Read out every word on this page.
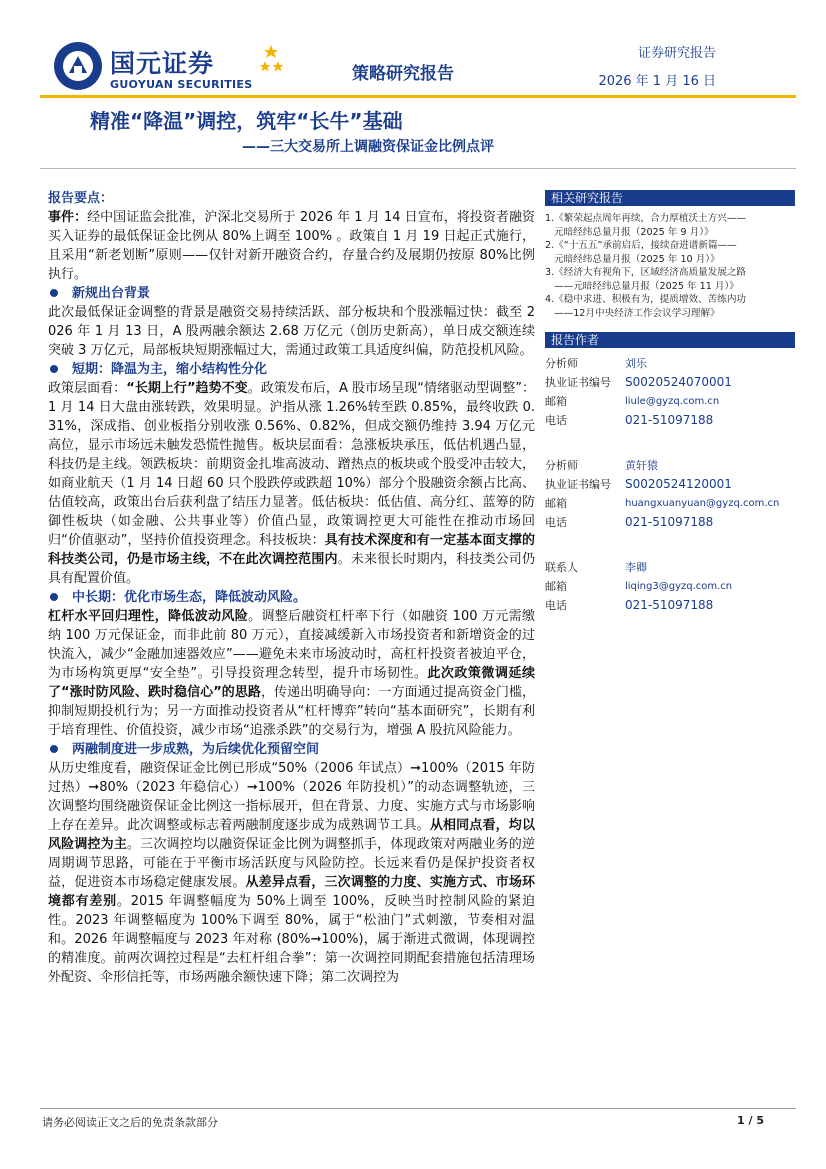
国元证券
GUOYUAN SECURITIES
策略研究报告
证券研究报告
2026 年 1 月 16 日
精准“降温”调控，筑牢“长牛”基础
——三大交易所上调融资保证金比例点评

报告要点：

事件：经中国证监会批准，沪深北交易所于 2026 年 1 月 14 日宣布，将投资者融资买入证券的最低保证金比例从 80%上调至 100% 。政策自 1 月 19 日起正式施行，且采用“新老划断”原则——仅针对新开融资合约，存量合约及展期仍按原 80%比例执行。

新规出台背景

此次最低保证金调整的背景是融资交易持续活跃、部分板块和个股涨幅过快：截至 2026 年 1 月 13 日，A 股两融余额达 2.68 万亿元（创历史新高），单日成交额连续突破 3 万亿元，局部板块短期涨幅过大，需通过政策工具适度纠偏，防范投机风险。

短期：降温为主，缩小结构性分化

政策层面看：“长期上行”趋势不变。政策发布后，A 股市场呈现“情绪驱动型调整”：1 月 14 日大盘由涨转跌，效果明显。沪指从涨 1.26%转至跌 0.85%，最终收跌 0.31%，深成指、创业板指分别收涨 0.56%、0.82%，但成交额仍维持 3.94 万亿元高位，显示市场远未触发恐慌性抛售。板块层面看：急涨板块承压，低估机遇凸显，科技仍是主线。领跌板块：前期资金扎堆高波动、蹭热点的板块或个股受冲击较大，如商业航天（1 月 14 日超 60 只个股跌停或跌超 10%）部分个股融资余额占比高、估值较高，政策出台后获利盘了结压力显著。低估板块：低估值、高分红、蓝筹的防御性板块（如金融、公共事业等）价值凸显，政策调控更大可能性在推动市场回归“价值驱动”，坚持价值投资理念。科技板块：具有技术深度和有一定基本面支撑的科技类公司，仍是市场主线，不在此次调控范围内。未来很长时期内，科技类公司仍具有配置价值。

中长期：优化市场生态，降低波动风险。

杠杆水平回归理性，降低波动风险。调整后融资杠杆率下行（如融资 100 万元需缴纳 100 万元保证金，而非此前 80 万元），直接减缓新入市场投资者和新增资金的过快流入，减少“金融加速器效应”——避免未来市场波动时，高杠杆投资者被迫平仓，为市场构筑更厚“安全垫”。引导投资理念转型，提升市场韧性。此次政策微调延续了“涨时防风险、跌时稳信心”的思路，传递出明确导向：一方面通过提高资金门槛，抑制短期投机行为；另一方面推动投资者从“杠杆博弈”转向“基本面研究”，长期有利于培育理性、价值投资，减少市场“追涨杀跌”的交易行为，增强 A 股抗风险能力。

两融制度进一步成熟，为后续优化预留空间

从历史维度看，融资保证金比例已形成“50%（2006 年试点）➞100%（2015 年防过热）➞80%（2023 年稳信心）➞100%（2026 年防投机）”的动态调整轨迹，三次调整均围绕融资保证金比例这一指标展开，但在背景、力度、实施方式与市场影响上存在差异。此次调整或标志着两融制度逐步成为成熟调节工具。从相同点看，均以风险调控为主。三次调控均以融资保证金比例为调整抓手，体现政策对两融业务的逆周期调节思路，可能在于平衡市场活跃度与风险防控。长远来看仍是保护投资者权益，促进资本市场稳定健康发展。从差异点看，三次调整的力度、实施方式、市场环境都有差别。2015 年调整幅度为 50%上调至 100%，反映当时控制风险的紧迫性。2023 年调整幅度为 100%下调至 80%，属于“松油门”式刺激，节奏相对温和。2026 年调整幅度与 2023 年对称 (80%➞100%)，属于渐进式微调，体现调控的精准度。前两次调控过程是“去杠杆组合拳”：第一次调控同期配套措施包括清理场外配资、伞形信托等，市场两融余额快速下降；第二次调控为

相关研究报告
1.《繁荣起点周年再续，合力厚植沃土方兴——
元暗经纬总量月报（2025 年 9 月）》
2.《“十五五”承前启后，接续奋进谱新篇——
元暗经纬总量月报（2025 年 10 月）》
3.《经济大有视角下，区域经济高质量发展之路
——元暗经纬总量月报（2025 年 11 月）》
4.《稳中求进、积极有为，提质增效、苦练内功
——12月中央经济工作会议学习理解》
报告作者
分析师	刘乐
执业证书编号	S0020524070001
邮箱	liule@gyzq.com.cn
电话	021-51097188
分析师	黄轩猿
执业证书编号	S0020524120001
邮箱	huangxuanyuan@gyzq.com.cn
电话	021-51097188
联系人	李卿
邮箱	liqing3@gyzq.com.cn
电话	021-51097188
请务必阅读正文之后的免责条款部分	1 / 5
